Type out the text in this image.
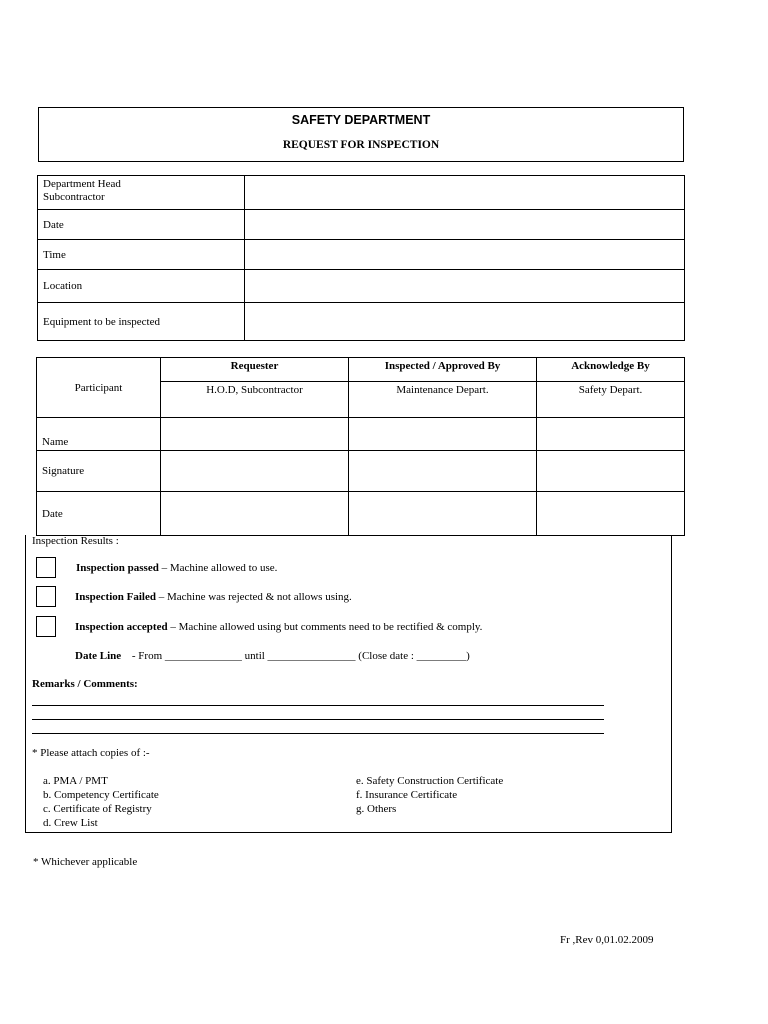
SAFETY DEPARTMENT
REQUEST FOR INSPECTION
Department Head
Subcontractor	
Date	
Time	
Location	
Equipment to be inspected	
Participant	Requester	Inspected / Approved By	Acknowledge By
	H.O.D, Subcontractor	Maintenance Depart.	Safety Depart.
Name			
Signature			
Date			
Inspection Results :
Inspection passed – Machine allowed to use.
Inspection Failed – Machine was rejected & not allows using.
Inspection accepted – Machine allowed using but comments need to be rectified & comply.
Date Line - From ______________ until ________________ (Close date : _________)
Remarks / Comments:
* Please attach copies of :-
a. PMA / PMT
b. Competency Certificate
c. Certificate of Registry
d. Crew List
e. Safety Construction Certificate
f. Insurance Certificate
g. Others
* Whichever applicable
Fr ,Rev 0,01.02.2009
